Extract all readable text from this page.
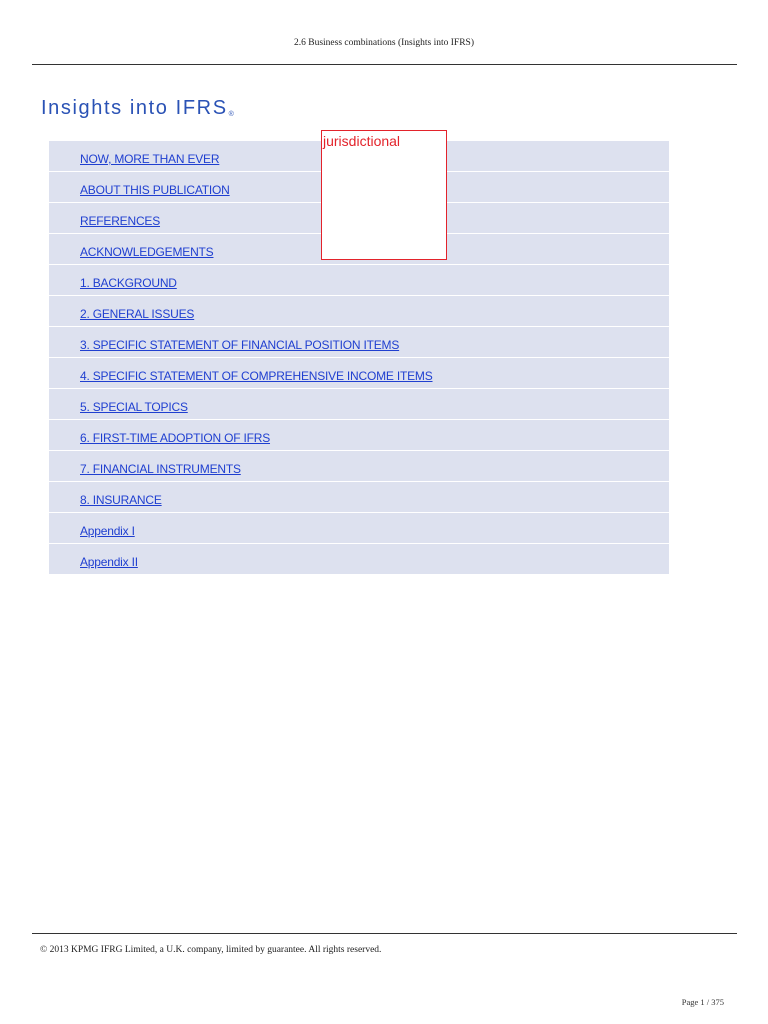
2.6 Business combinations (Insights into IFRS)
Insights into IFRS®
NOW, MORE THAN EVER
ABOUT THIS PUBLICATION
REFERENCES
ACKNOWLEDGEMENTS
1. BACKGROUND
2. GENERAL ISSUES
3. SPECIFIC STATEMENT OF FINANCIAL POSITION ITEMS
4. SPECIFIC STATEMENT OF COMPREHENSIVE INCOME ITEMS
5. SPECIAL TOPICS
6. FIRST-TIME ADOPTION OF IFRS
7. FINANCIAL INSTRUMENTS
8. INSURANCE
Appendix I
Appendix II
jurisdictional
© 2013 KPMG IFRG Limited, a U.K. company, limited by guarantee. All rights reserved.
Page 1 / 375
